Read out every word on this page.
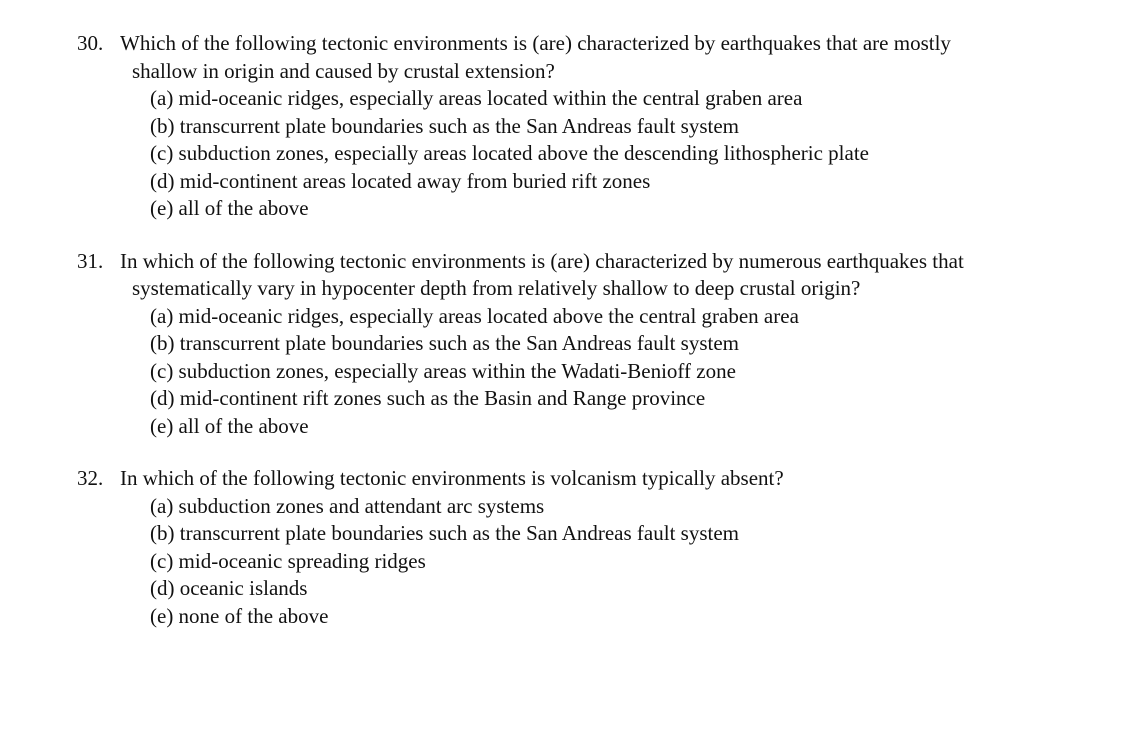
30. Which of the following tectonic environments is (are) characterized by earthquakes that are mostly
shallow in origin and caused by crustal extension?
(a) mid-oceanic ridges, especially areas located within the central graben area
(b) transcurrent plate boundaries such as the San Andreas fault system
(c) subduction zones, especially areas located above the descending lithospheric plate
(d) mid-continent areas located away from buried rift zones
(e) all of the above
31. In which of the following tectonic environments is (are) characterized by numerous earthquakes that
systematically vary in hypocenter depth from relatively shallow to deep crustal origin?
(a) mid-oceanic ridges, especially areas located above the central graben area
(b) transcurrent plate boundaries such as the San Andreas fault system
(c) subduction zones, especially areas within the Wadati-Benioff zone
(d) mid-continent rift zones such as the Basin and Range province
(e) all of the above
32. In which of the following tectonic environments is volcanism typically absent?
(a) subduction zones and attendant arc systems
(b) transcurrent plate boundaries such as the San Andreas fault system
(c) mid-oceanic spreading ridges
(d) oceanic islands
(e) none of the above
